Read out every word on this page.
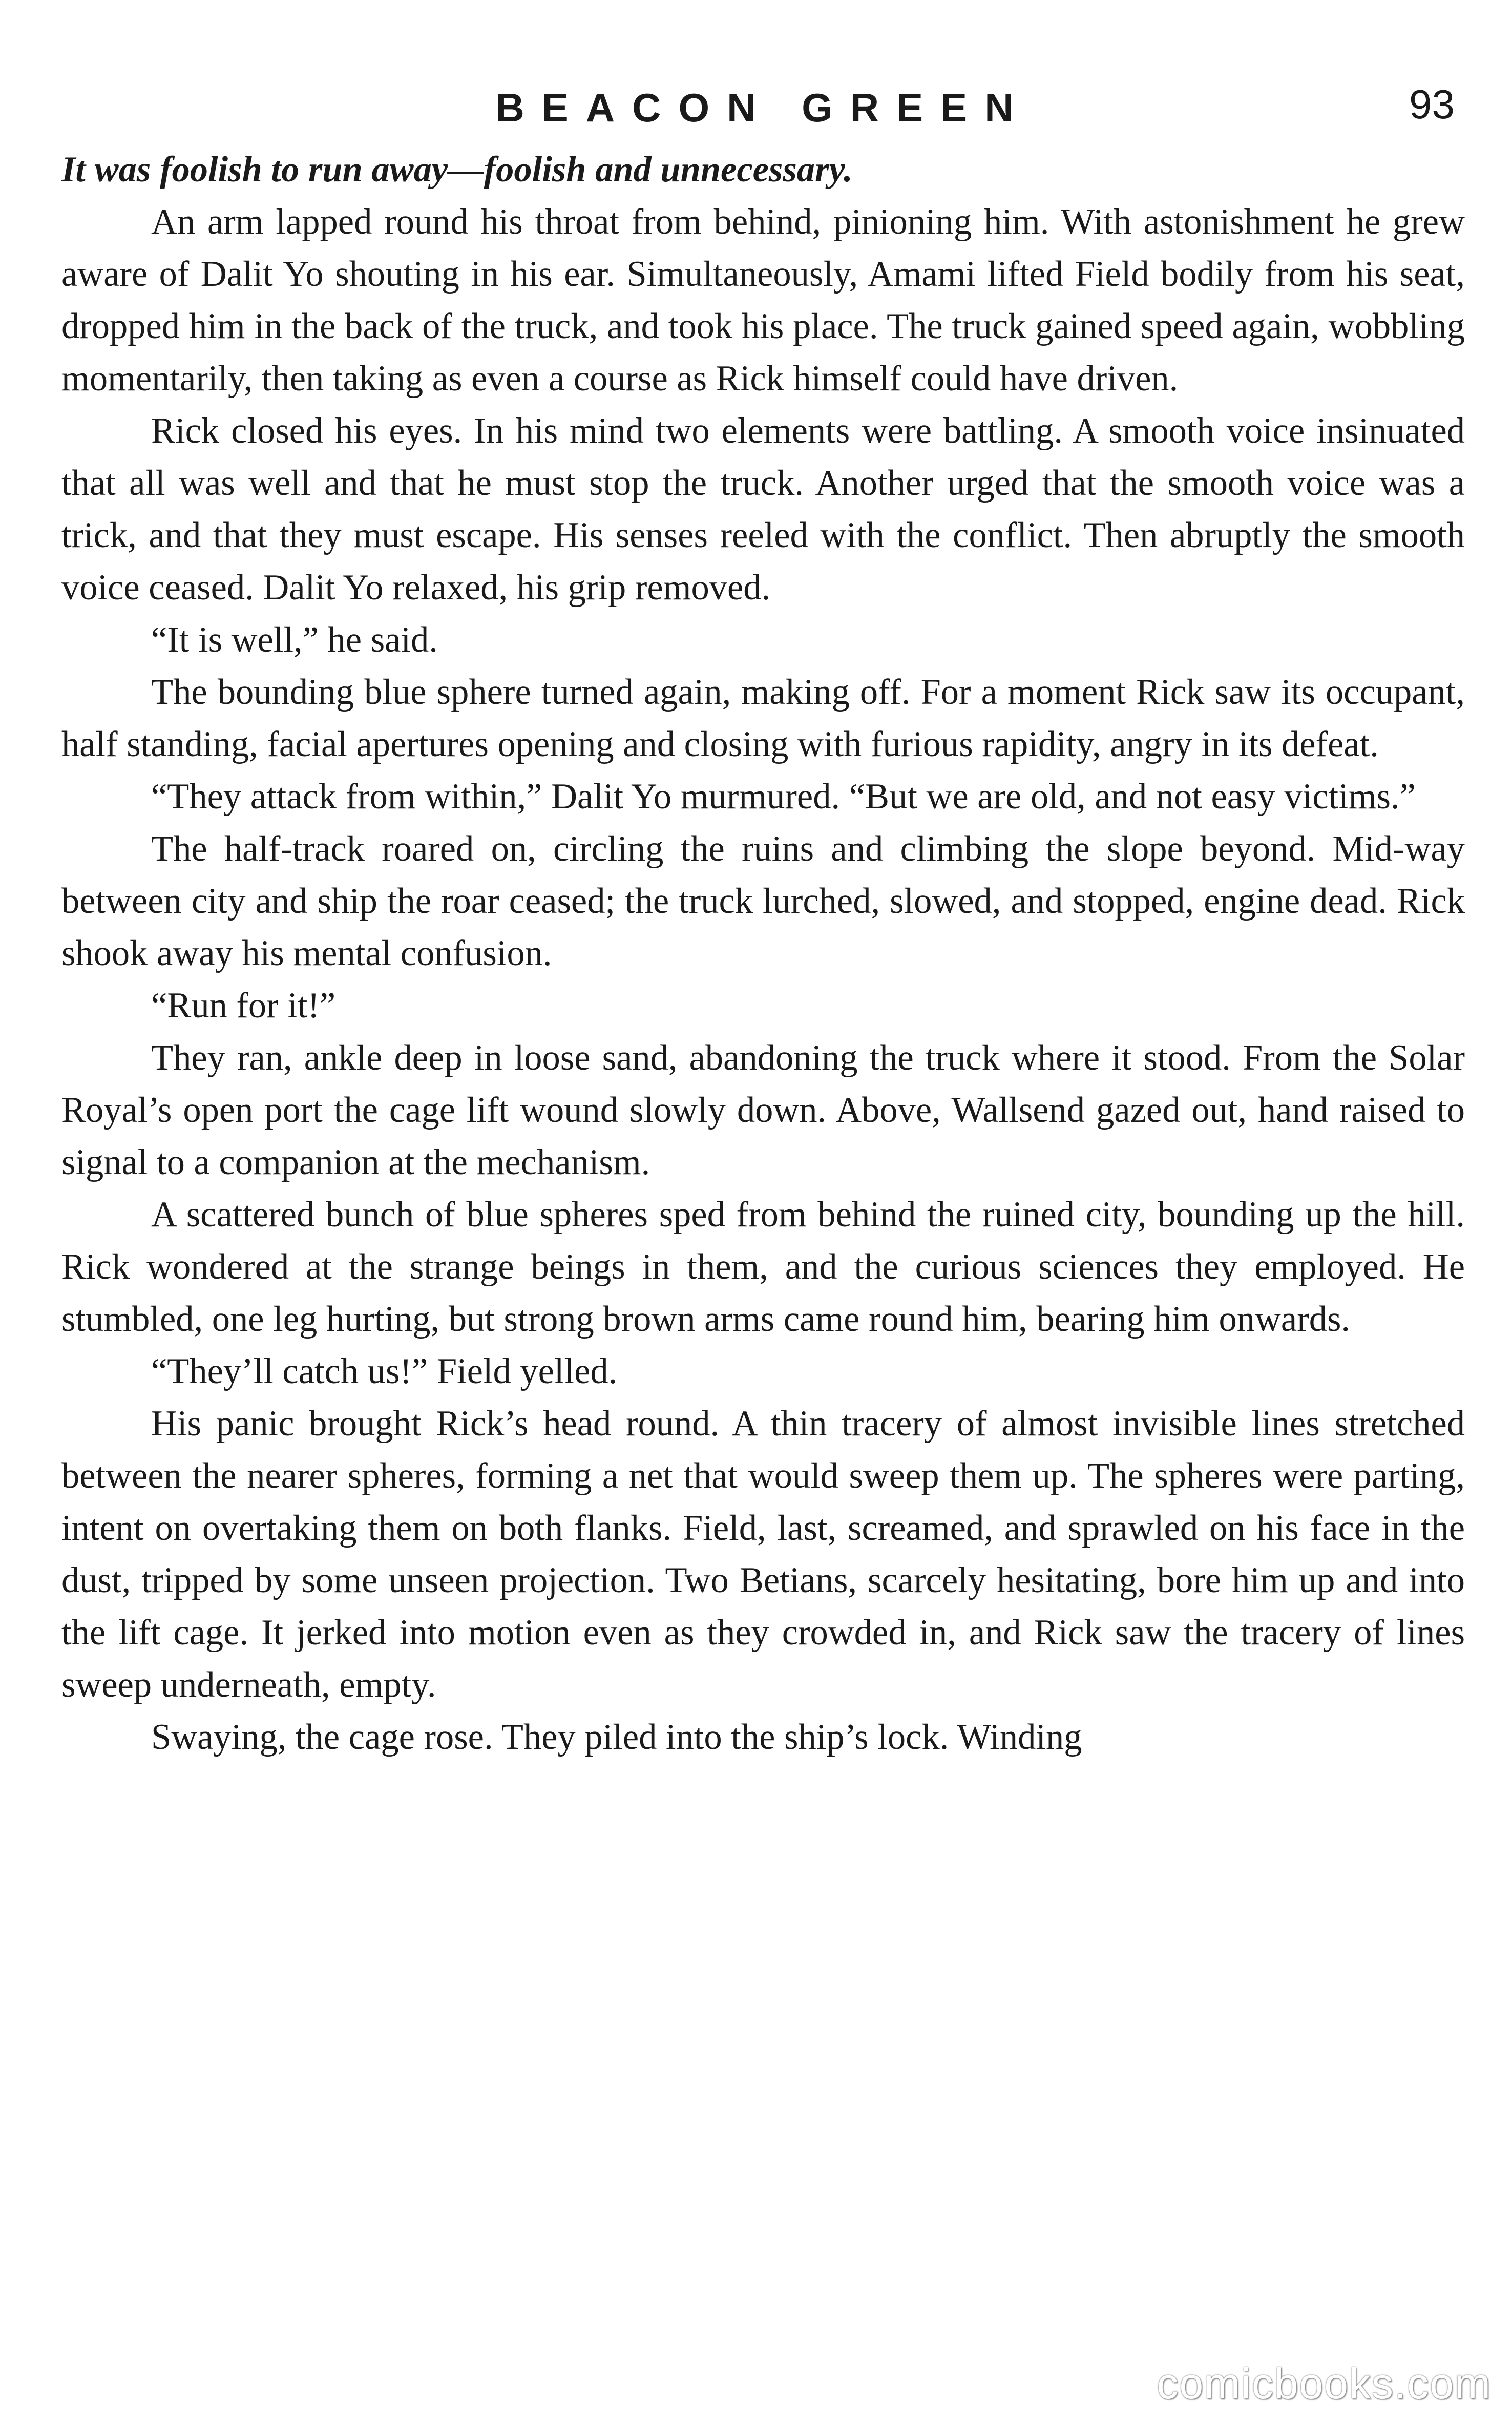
BEACON GREEN	93

It was foolish to run away—foolish and unnecessary.

An arm lapped round his throat from behind, pinioning him. With astonishment he grew aware of Dalit Yo shouting in his ear. Simultaneously, Amami lifted Field bodily from his seat, dropped him in the back of the truck, and took his place. The truck gained speed again, wobbling momentarily, then taking as even a course as Rick himself could have driven.

Rick closed his eyes. In his mind two elements were battling. A smooth voice insinuated that all was well and that he must stop the truck. Another urged that the smooth voice was a trick, and that they must escape. His senses reeled with the conflict. Then abruptly the smooth voice ceased. Dalit Yo relaxed, his grip removed.

“It is well,” he said.

The bounding blue sphere turned again, making off. For a moment Rick saw its occupant, half standing, facial apertures opening and closing with furious rapidity, angry in its defeat.

“They attack from within,” Dalit Yo murmured. “But we are old, and not easy victims.”

The half-track roared on, circling the ruins and climbing the slope beyond. Mid-way between city and ship the roar ceased; the truck lurched, slowed, and stopped, engine dead. Rick shook away his mental confusion.

“Run for it!”

They ran, ankle deep in loose sand, abandoning the truck where it stood. From the Solar Royal’s open port the cage lift wound slowly down. Above, Wallsend gazed out, hand raised to signal to a companion at the mechanism.

A scattered bunch of blue spheres sped from behind the ruined city, bounding up the hill. Rick wondered at the strange beings in them, and the curious sciences they employed. He stumbled, one leg hurting, but strong brown arms came round him, bearing him onwards.

“They’ll catch us!” Field yelled.

His panic brought Rick’s head round. A thin tracery of almost invisible lines stretched between the nearer spheres, forming a net that would sweep them up. The spheres were parting, intent on overtaking them on both flanks. Field, last, screamed, and sprawled on his face in the dust, tripped by some unseen projection. Two Betians, scarcely hesitating, bore him up and into the lift cage. It jerked into motion even as they crowded in, and Rick saw the tracery of lines sweep underneath, empty.

Swaying, the cage rose. They piled into the ship’s lock. Winding

comicbooks.com
